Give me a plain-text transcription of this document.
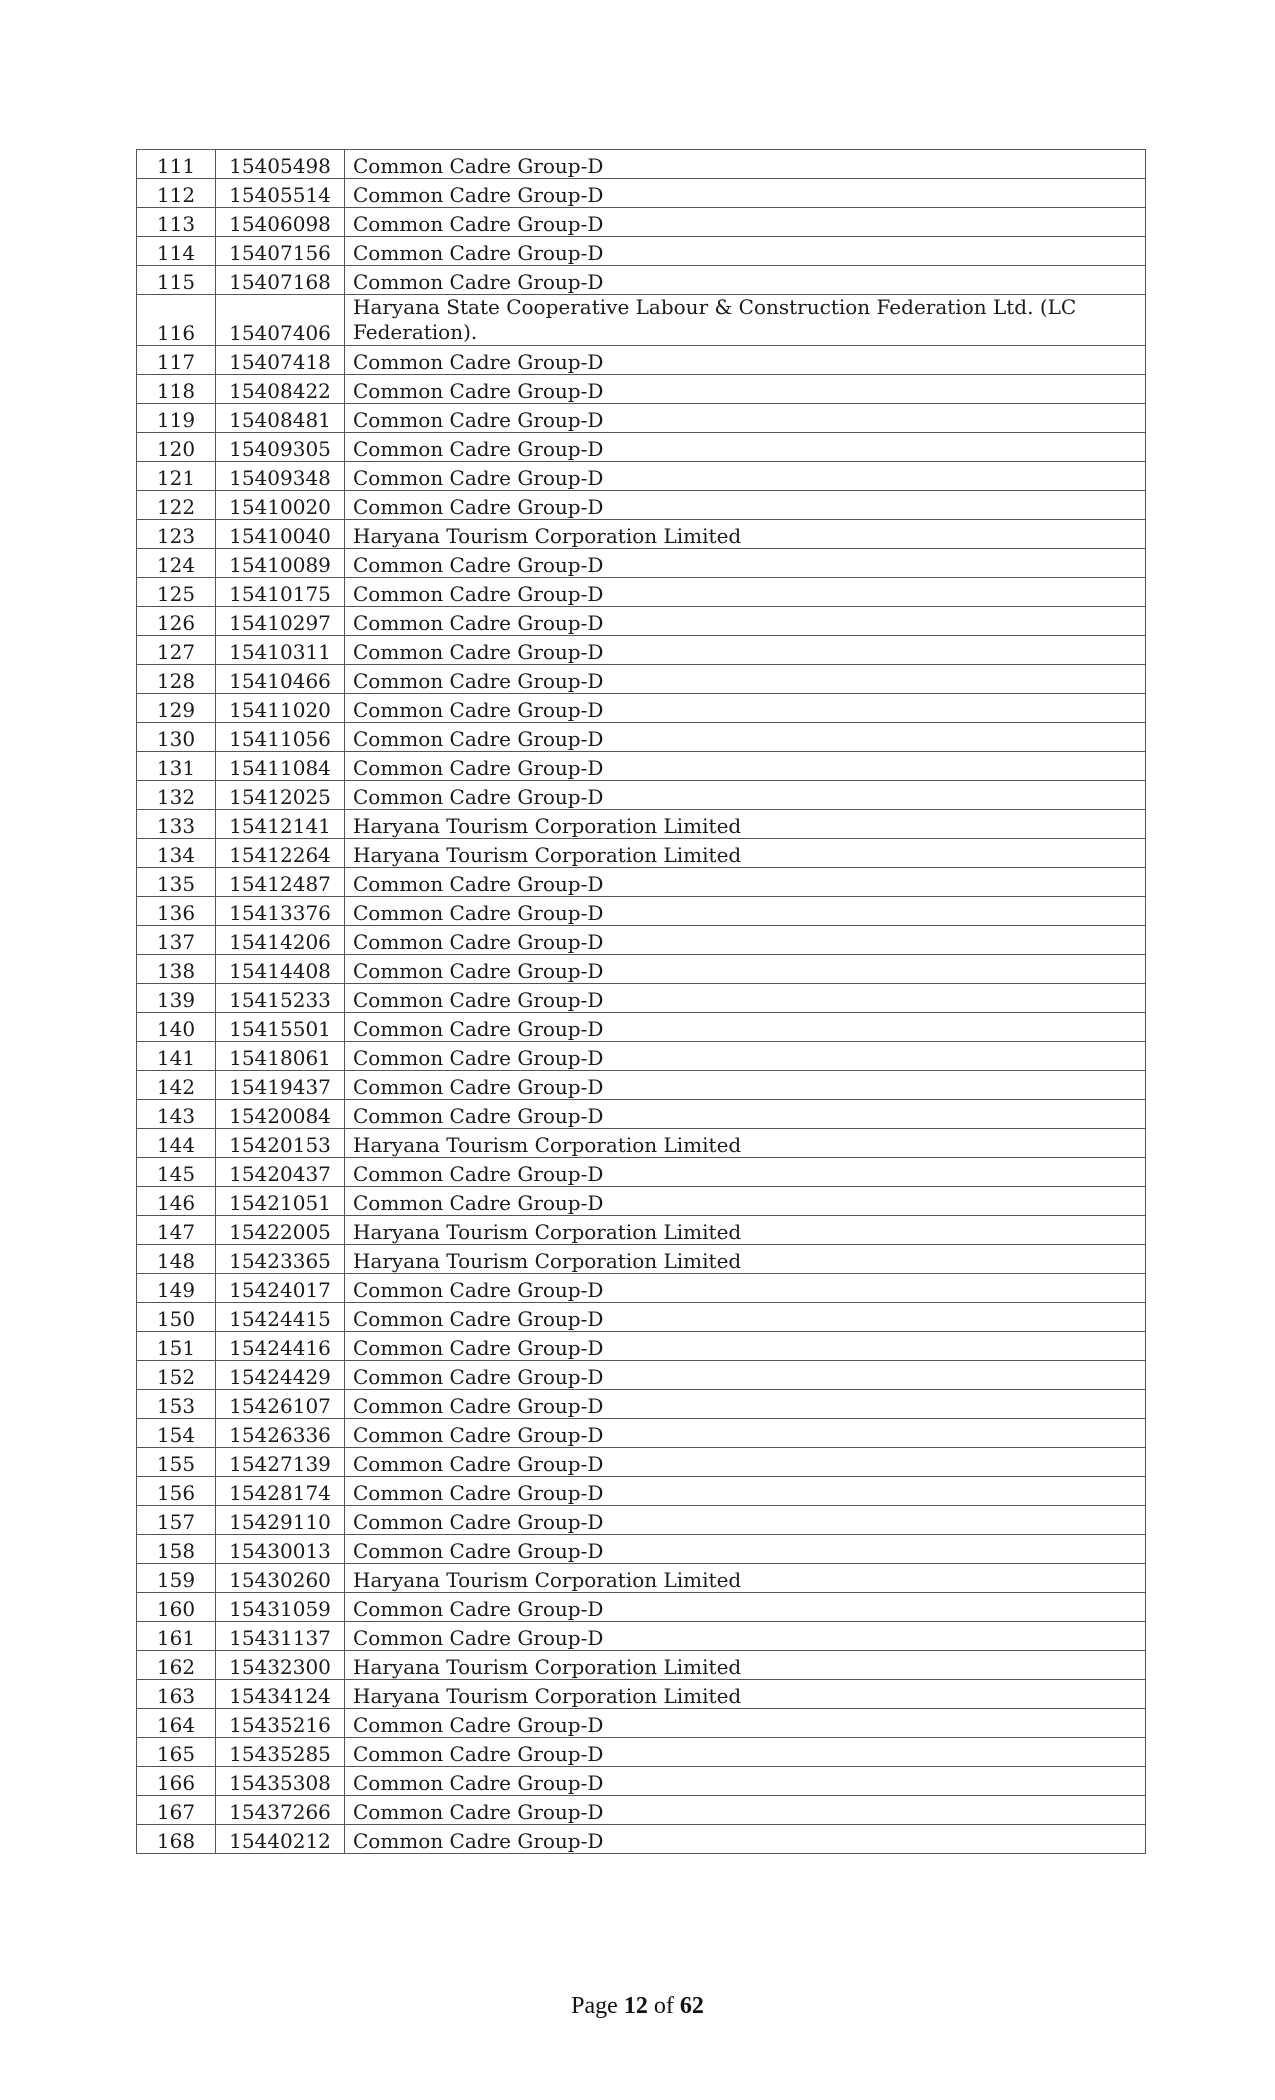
111	15405498	Common Cadre Group-D
112	15405514	Common Cadre Group-D
113	15406098	Common Cadre Group-D
114	15407156	Common Cadre Group-D
115	15407168	Common Cadre Group-D
116	15407406	Haryana State Cooperative Labour & Construction Federation Ltd. (LC Federation).
117	15407418	Common Cadre Group-D
118	15408422	Common Cadre Group-D
119	15408481	Common Cadre Group-D
120	15409305	Common Cadre Group-D
121	15409348	Common Cadre Group-D
122	15410020	Common Cadre Group-D
123	15410040	Haryana Tourism Corporation Limited
124	15410089	Common Cadre Group-D
125	15410175	Common Cadre Group-D
126	15410297	Common Cadre Group-D
127	15410311	Common Cadre Group-D
128	15410466	Common Cadre Group-D
129	15411020	Common Cadre Group-D
130	15411056	Common Cadre Group-D
131	15411084	Common Cadre Group-D
132	15412025	Common Cadre Group-D
133	15412141	Haryana Tourism Corporation Limited
134	15412264	Haryana Tourism Corporation Limited
135	15412487	Common Cadre Group-D
136	15413376	Common Cadre Group-D
137	15414206	Common Cadre Group-D
138	15414408	Common Cadre Group-D
139	15415233	Common Cadre Group-D
140	15415501	Common Cadre Group-D
141	15418061	Common Cadre Group-D
142	15419437	Common Cadre Group-D
143	15420084	Common Cadre Group-D
144	15420153	Haryana Tourism Corporation Limited
145	15420437	Common Cadre Group-D
146	15421051	Common Cadre Group-D
147	15422005	Haryana Tourism Corporation Limited
148	15423365	Haryana Tourism Corporation Limited
149	15424017	Common Cadre Group-D
150	15424415	Common Cadre Group-D
151	15424416	Common Cadre Group-D
152	15424429	Common Cadre Group-D
153	15426107	Common Cadre Group-D
154	15426336	Common Cadre Group-D
155	15427139	Common Cadre Group-D
156	15428174	Common Cadre Group-D
157	15429110	Common Cadre Group-D
158	15430013	Common Cadre Group-D
159	15430260	Haryana Tourism Corporation Limited
160	15431059	Common Cadre Group-D
161	15431137	Common Cadre Group-D
162	15432300	Haryana Tourism Corporation Limited
163	15434124	Haryana Tourism Corporation Limited
164	15435216	Common Cadre Group-D
165	15435285	Common Cadre Group-D
166	15435308	Common Cadre Group-D
167	15437266	Common Cadre Group-D
168	15440212	Common Cadre Group-D
Page 12 of 62
